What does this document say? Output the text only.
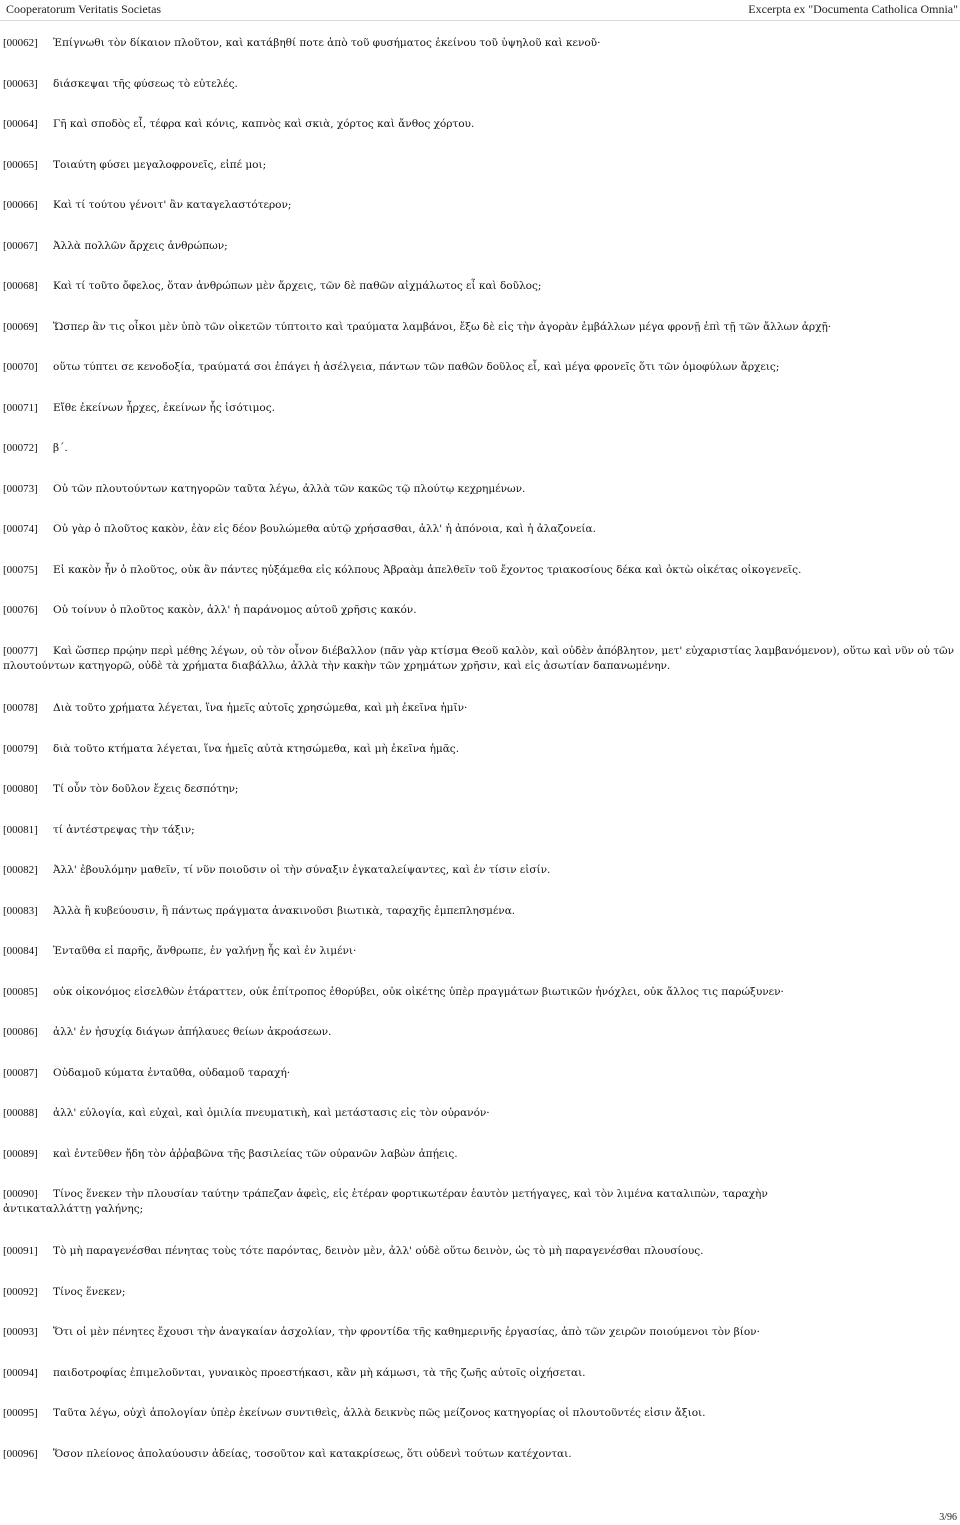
Cooperatorum Veritatis Societas	Excerpta ex "Documenta Catholica Omnia"
[00062] Ἐπίγνωθι τὸν δίκαιον πλοῦτον, καὶ κατάβηθί ποτε ἀπὸ τοῦ φυσήματος ἐκείνου τοῦ ὑψηλοῦ καὶ κενοῦ·
[00063] διάσκεψαι τῆς φύσεως τὸ εὐτελές.
[00064] Γῆ καὶ σποδὸς εἶ, τέφρα καὶ κόνις, καπνὸς καὶ σκιὰ, χόρτος καὶ ἄνθος χόρτου.
[00065] Τοιαύτη φύσει μεγαλοφρονεῖς, εἰπέ μοι;
[00066] Καὶ τί τούτου γένοιτ' ἂν καταγελαστότερον;
[00067] Ἀλλὰ πολλῶν ἄρχεις ἀνθρώπων;
[00068] Καὶ τί τοῦτο ὄφελος, ὅταν ἀνθρώπων μὲν ἄρχεις, τῶν δὲ παθῶν αἰχμάλωτος εἶ καὶ δοῦλος;
[00069] Ὥσπερ ἂν τις οἶκοι μὲν ὑπὸ τῶν οἰκετῶν τύπτοιτο καὶ τραύματα λαμβάνοι, ἔξω δὲ εἰς τὴν ἀγορὰν ἐμβάλλων μέγα φρονῇ ἐπὶ τῇ τῶν ἄλλων ἀρχῇ·
[00070] οὕτω τύπτει σε κενοδοξία, τραύματά σοι ἐπάγει ἡ ἀσέλγεια, πάντων τῶν παθῶν δοῦλος εἶ, καὶ μέγα φρονεῖς ὅτι τῶν ὁμοφύλων ἄρχεις;
[00071] Εἴθε ἐκείνων ἦρχες, ἐκείνων ἧς ἰσότιμος.
[00072] β΄.
[00073] Οὐ τῶν πλουτούντων κατηγορῶν ταῦτα λέγω, ἀλλὰ τῶν κακῶς τῷ πλούτῳ κεχρημένων.
[00074] Οὐ γὰρ ὁ πλοῦτος κακὸν, ἐὰν εἰς δέον βουλώμεθα αὐτῷ χρήσασθαι, ἀλλ' ἡ ἀπόνοια, καὶ ἡ ἀλαζονεία.
[00075] Εἰ κακὸν ἦν ὁ πλοῦτος, οὐκ ἂν πάντες ηὐξάμεθα εἰς κόλπους Ἀβραὰμ ἀπελθεῖν τοῦ ἔχοντος τριακοσίους δέκα καὶ ὀκτὼ οἰκέτας οἰκογενεῖς.
[00076] Οὐ τοίνυν ὁ πλοῦτος κακὸν, ἀλλ' ἡ παράνομος αὐτοῦ χρῆσις κακόν.
[00077] Καὶ ὥσπερ πρῴην περὶ μέθης λέγων, οὐ τὸν οἶνον διέβαλλον (πᾶν γὰρ κτίσμα Θεοῦ καλὸν, καὶ οὐδὲν ἀπόβλητον, μετ' εὐχαριστίας λαμβανόμενον), οὕτω καὶ νῦν οὐ τῶν πλουτούντων κατηγορῶ, οὐδὲ τὰ χρήματα διαβάλλω, ἀλλὰ τὴν κακὴν τῶν χρημάτων χρῆσιν, καὶ εἰς ἀσωτίαν δαπανωμένην.
[00078] Διὰ τοῦτο χρήματα λέγεται, ἵνα ἡμεῖς αὐτοῖς χρησώμεθα, καὶ μὴ ἐκεῖνα ἡμῖν·
[00079] διὰ τοῦτο κτήματα λέγεται, ἵνα ἡμεῖς αὐτὰ κτησώμεθα, καὶ μὴ ἐκεῖνα ἡμᾶς.
[00080] Τί οὖν τὸν δοῦλον ἔχεις δεσπότην;
[00081] τί ἀντέστρεψας τὴν τάξιν;
[00082] Ἀλλ' ἐβουλόμην μαθεῖν, τί νῦν ποιοῦσιν οἱ τὴν σύναξιν ἐγκαταλείψαντες, καὶ ἐν τίσιν εἰσίν.
[00083] Ἀλλὰ ἢ κυβεύουσιν, ἢ πάντως πράγματα ἀνακινοῦσι βιωτικὰ, ταραχῆς ἐμπεπλησμένα.
[00084] Ἐνταῦθα εἰ παρῆς, ἄνθρωπε, ἐν γαλήνῃ ἧς καὶ ἐν λιμένι·
[00085] οὐκ οἰκονόμος εἰσελθὼν ἐτάραττεν, οὐκ ἐπίτροπος ἐθορύβει, οὐκ οἰκέτης ὑπὲρ πραγμάτων βιωτικῶν ἠνόχλει, οὐκ ἄλλος τις παρώξυνεν·
[00086] ἀλλ' ἐν ἡσυχίᾳ διάγων ἀπήλαυες θείων ἀκροάσεων.
[00087] Οὐδαμοῦ κύματα ἐνταῦθα, οὐδαμοῦ ταραχή·
[00088] ἀλλ' εὐλογία, καὶ εὐχαὶ, καὶ ὁμιλία πνευματικὴ, καὶ μετάστασις εἰς τὸν οὐρανόν·
[00089] καὶ ἐντεῦθεν ἤδη τὸν ἀῤῥαβῶνα τῆς βασιλείας τῶν οὐρανῶν λαβὼν ἀπῄεις.
[00090] Τίνος ἕνεκεν τὴν πλουσίαν ταύτην τράπεζαν ἀφεὶς, εἰς ἑτέραν φορτικωτέραν ἑαυτὸν μετήγαγες, καὶ τὸν λιμένα καταλιπὼν, ταραχὴν ἀντικαταλλάττῃ γαλήνης;
[00091] Τὸ μὴ παραγενέσθαι πένητας τοὺς τότε παρόντας, δεινὸν μὲν, ἀλλ' οὐδὲ οὕτω δεινὸν, ὡς τὸ μὴ παραγενέσθαι πλουσίους.
[00092] Τίνος ἕνεκεν;
[00093] Ὅτι οἱ μὲν πένητες ἔχουσι τὴν ἀναγκαίαν ἀσχολίαν, τὴν φροντίδα τῆς καθημερινῆς ἐργασίας, ἀπὸ τῶν χειρῶν ποιούμενοι τὸν βίον·
[00094] παιδοτροφίας ἐπιμελοῦνται, γυναικὸς προεστήκασι, κἂν μὴ κάμωσι, τὰ τῆς ζωῆς αὐτοῖς οἰχήσεται.
[00095] Ταῦτα λέγω, οὐχὶ ἀπολογίαν ὑπὲρ ἐκείνων συντιθεὶς, ἀλλὰ δεικνὺς πῶς μείζονος κατηγορίας οἱ πλουτοῦντές εἰσιν ἄξιοι.
[00096] Ὅσον πλείονος ἀπολαύουσιν ἀδείας, τοσοῦτον καὶ κατακρίσεως, ὅτι οὐδενὶ τούτων κατέχονται.
3/96
